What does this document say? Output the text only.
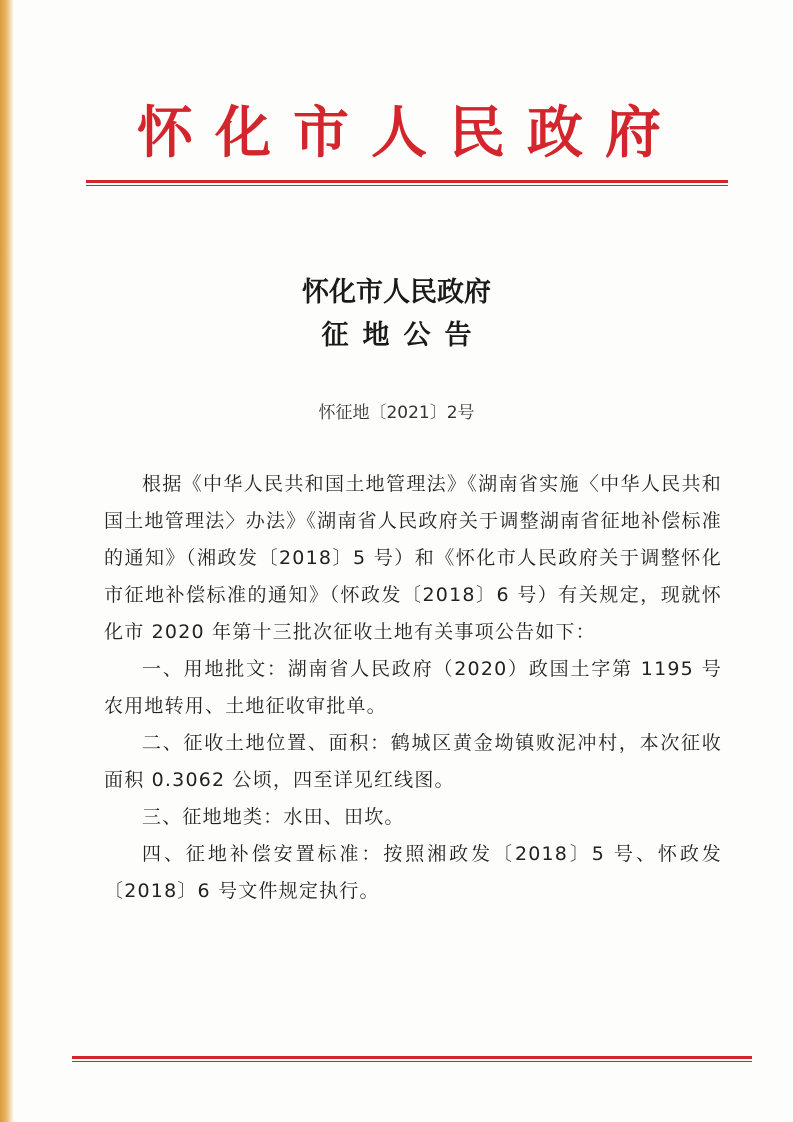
怀化市人民政府
怀化市人民政府
征地公告
怀征地〔2021〕2号

根据《中华人民共和国土地管理法》《湖南省实施〈中华人民共和国土地管理法〉办法》《湖南省人民政府关于调整湖南省征地补偿标准的通知》（湘政发〔2018〕5 号）和《怀化市人民政府关于调整怀化市征地补偿标准的通知》（怀政发〔2018〕6 号）有关规定，现就怀化市 2020 年第十三批次征收土地有关事项公告如下：

一、用地批文：湖南省人民政府（2020）政国土字第 1195 号农用地转用、土地征收审批单。

二、征收土地位置、面积：鹤城区黄金坳镇败泥冲村，本次征收面积 0.3062 公顷，四至详见红线图。

三、征地地类：水田、田坎。

四、征地补偿安置标准：按照湘政发〔2018〕5 号、怀政发〔2018〕6 号文件规定执行。
